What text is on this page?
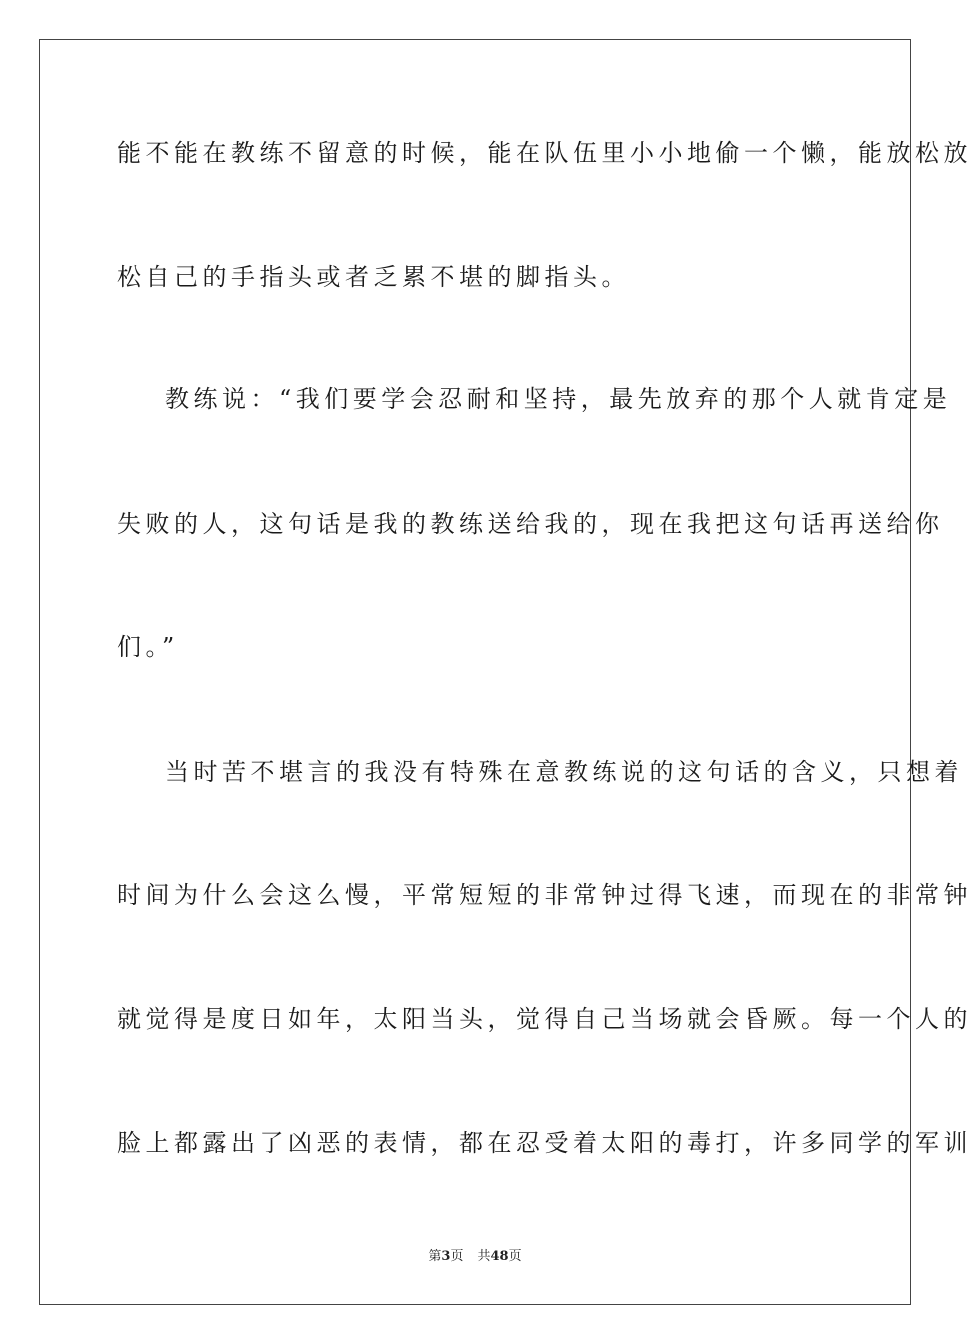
能不能在教练不留意的时候，能在队伍里小小地偷一个懒，能放松放
松自己的手指头或者乏累不堪的脚指头。
教练说：“我们要学会忍耐和坚持，最先放弃的那个人就肯定是
失败的人，这句话是我的教练送给我的，现在我把这句话再送给你
们。”
当时苦不堪言的我没有特殊在意教练说的这句话的含义，只想着
时间为什么会这么慢，平常短短的非常钟过得飞速，而现在的非常钟
就觉得是度日如年，太阳当头，觉得自己当场就会昏厥。每一个人的
脸上都露出了凶恶的表情，都在忍受着太阳的毒打，许多同学的军训
第3页 共48页
